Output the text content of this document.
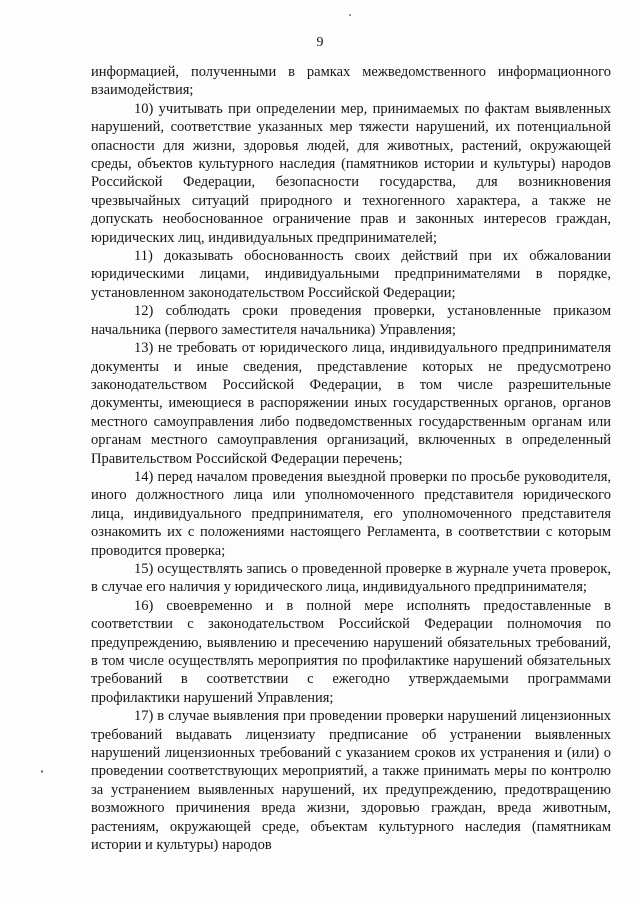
9

информацией, полученными в рамках межведомственного информационного взаимодействия;

10) учитывать при определении мер, принимаемых по фактам выявленных нарушений, соответствие указанных мер тяжести нарушений, их потенциальной опасности для жизни, здоровья людей, для животных, растений, окружающей среды, объектов культурного наследия (памятников истории и культуры) народов Российской Федерации, безопасности государства, для возникновения чрезвычайных ситуаций природного и техногенного характера, а также не допускать необоснованное ограничение прав и законных интересов граждан, юридических лиц, индивидуальных предпринимателей;

11) доказывать обоснованность своих действий при их обжаловании юридическими лицами, индивидуальными предпринимателями в порядке, установленном законодательством Российской Федерации;

12) соблюдать сроки проведения проверки, установленные приказом начальника (первого заместителя начальника) Управления;

13) не требовать от юридического лица, индивидуального предпринимателя документы и иные сведения, представление которых не предусмотрено законодательством Российской Федерации, в том числе разрешительные документы, имеющиеся в распоряжении иных государственных органов, органов местного самоуправления либо подведомственных государственным органам или органам местного самоуправления организаций, включенных в определенный Правительством Российской Федерации перечень;

14) перед началом проведения выездной проверки по просьбе руководителя, иного должностного лица или уполномоченного представителя юридического лица, индивидуального предпринимателя, его уполномоченного представителя ознакомить их с положениями настоящего Регламента, в соответствии с которым проводится проверка;

15) осуществлять запись о проведенной проверке в журнале учета проверок, в случае его наличия у юридического лица, индивидуального предпринимателя;

16) своевременно и в полной мере исполнять предоставленные в соответствии с законодательством Российской Федерации полномочия по предупреждению, выявлению и пресечению нарушений обязательных требований, в том числе осуществлять мероприятия по профилактике нарушений обязательных требований в соответствии с ежегодно утверждаемыми программами профилактики нарушений Управления;

17) в случае выявления при проведении проверки нарушений лицензионных требований выдавать лицензиату предписание об устранении выявленных нарушений лицензионных требований с указанием сроков их устранения и (или) о проведении соответствующих мероприятий, а также принимать меры по контролю за устранением выявленных нарушений, их предупреждению, предотвращению возможного причинения вреда жизни, здоровью граждан, вреда животным, растениям, окружающей среде, объектам культурного наследия (памятникам истории и культуры) народов
